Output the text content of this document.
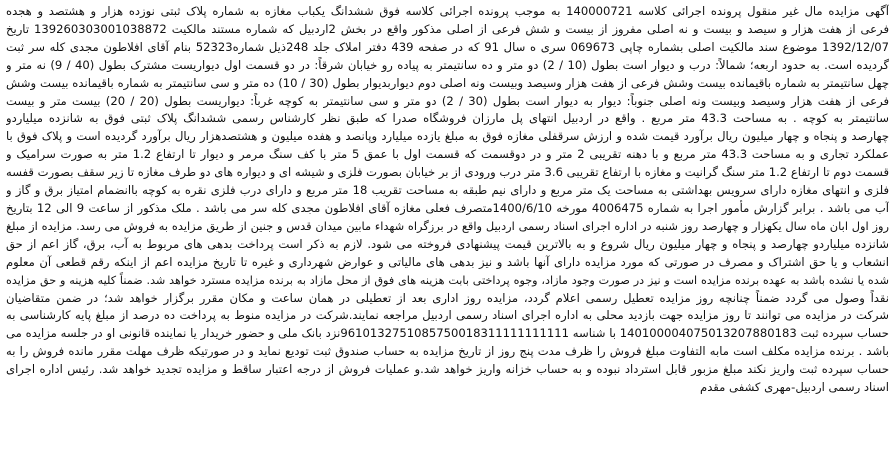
آگهی مزایده مال غیر منقول پرونده اجرائی کلاسه 140000721 به موجب پرونده اجرائی کلاسه فوق ششدانگ یکباب مغازه به شماره پلاک ثبتی نوزده هزار و هشتصد و هجده
فرعی از هفت هزار و سیصد و بیست و نه اصلی مفروز از بیست و شش فرعی از اصلی مذکور واقع در بخش 2اردبیل که شماره مستند مالکیت 139260303001038872 تاریخ
1392/12/07 موضوع سند مالکیت اصلی بشماره چاپی 069673 سری ه سال 91 که در صفحه 439 دفتر املاک جلد 248ذیل شماره52323 بنام آقای افلاطون مجدی کله سر ثبت
گردیده است. به حدود اربعه؛ شمالاً: درب و دیوار است بطول (10 / 2) دو متر و ده سانتیمتر به پیاده رو خیابان شرقاً: در دو قسمت اول دیواریست مشترک بطول (40 / 9) نه متر و
چهل سانتیمتر به شماره باقیمانده بیست وشش فرعی از هفت هزار وسیصد وبیست ونه اصلی دوم دیواربدیوار بطول (30 / 10) ده متر و سی سانتیمتر به شماره باقیمانده بیست وشش
فرعی از هفت هزار وسیصد وبیست ونه اصلی جنوباً: دیوار به دیوار است بطول (30 / 2) دو متر و سی سانتیمتر به کوچه غرباً: دیواریست بطول (20 / 20) بیست متر و بیست
سانتیمتر به کوچه . به مساحت 43.3 متر مربع . واقع در اردبیل انتهای پل مارزان فروشگاه صدرا که طبق نظر کارشناس رسمی ششدانگ پلاک ثبتی فوق به شانزده میلیاردو
چهارصد و پنجاه و چهار میلیون ریال برآورد قیمت شده و ارزش سرقفلی مغازه فوق به مبلغ یازده میلیارد وپانصد و هفده میلیون و هشتصدهزار ریال برآورد گردیده است و پلاک فوق با
عملکرد تجاری و به مساحت 43.3 متر مربع و با دهنه تقریبی 2 متر و در دوقسمت که قسمت اول با عمق 5 متر با کف سنگ مرمر و دیوار تا ارتفاع 1.2 متر به صورت سرامیک و
قسمت دوم تا ارتفاع 1.2 متر سنگ گرانیت و مغازه با ارتفاع تقریبی 3.6 متر درب ورودی از بر خیابان بصورت فلزی و شیشه ای و دیواره های دو طرف مغازه تا زیر سقف بصورت قفسه
فلزی و انتهای مغازه دارای سرویس بهداشتی به مساحت یک متر مربع و دارای نیم طبقه به مساحت تقریب 18 متر مربع و دارای درب فلزی نقره به کوچه باانضمام امتیاز برق و گاز و
آب می باشد . برابر گزارش مأمور اجرا به شماره 4006475 مورخه 1400/6/10متصرف فعلی مغازه آقای افلاطون مجدی کله سر می باشد . ملک مذکور از ساعت 9 الی 12 بتاریخ
روز اول ابان ماه سال یکهزار و چهارصد روز شنبه در اداره اجرای اسناد رسمی اردبیل واقع در برزگراه شهداء مابین میدان قدس و جنین از طریق مزایده به فروش می رسد. مزایده از مبلغ
شانزده میلیاردو چهارصد و پنجاه و چهار میلیون ریال شروع و به بالاترین قیمت پیشنهادی فروخته می شود. لازم به ذکر است پرداخت بدهی های مربوط به آب، برق، گاز اعم از حق
انشعاب و یا حق اشتراک و مصرف در صورتی که مورد مزایده دارای آنها باشد و نیز بدهی های مالیاتی و عوارض شهرداری و غیره تا تاریخ مزایده اعم از اینکه رقم قطعی آن معلوم
شده یا نشده باشد به عهده برنده مزایده است و نیز در صورت وجود مازاد، وجوه پرداختی بابت هزینه های فوق از محل مازاد به برنده مزایده مسترد خواهد شد. ضمناً کلیه هزینه و حق مزایده
نقداً وصول می گردد ضمناً چنانچه روز مزایده تعطیل رسمی اعلام گردد، مزایده روز اداری بعد از تعطیلی در همان ساعت و مکان مقرر برگزار خواهد شد؛ در ضمن متقاضیان
شرکت در مزایده می توانند تا روز مزایده جهت بازدید محلی به اداره اجرای اسناد رسمی اردبیل مراجعه نمایند.شرکت در مزایده منوط به پرداخت ده درصد از مبلغ پایه کارشناسی به
حساب سپرده ثبت 140100004075013207880183 با شناسه 9610132751085750018311111111111نزد بانک ملی و حضور خریدار یا نماینده قانونی او در جلسه مزایده می
باشد . برنده مزایده مکلف است مابه التفاوت مبلغ فروش را ظرف مدت پنج روز از تاریخ مزایده به حساب صندوق ثبت تودیع نماید و در صورتیکه ظرف مهلت مقرر مانده فروش را به
حساب سپرده ثبت واریز نکند مبلغ مزبور قابل استرداد نبوده و به حساب خزانه واریز خواهد شد.و عملیات فروش از درجه اعتبار ساقط و مزایده تجدید خواهد شد. رئیس اداره اجرای
اسناد رسمی اردبیل-مهری کشفی مقدم
